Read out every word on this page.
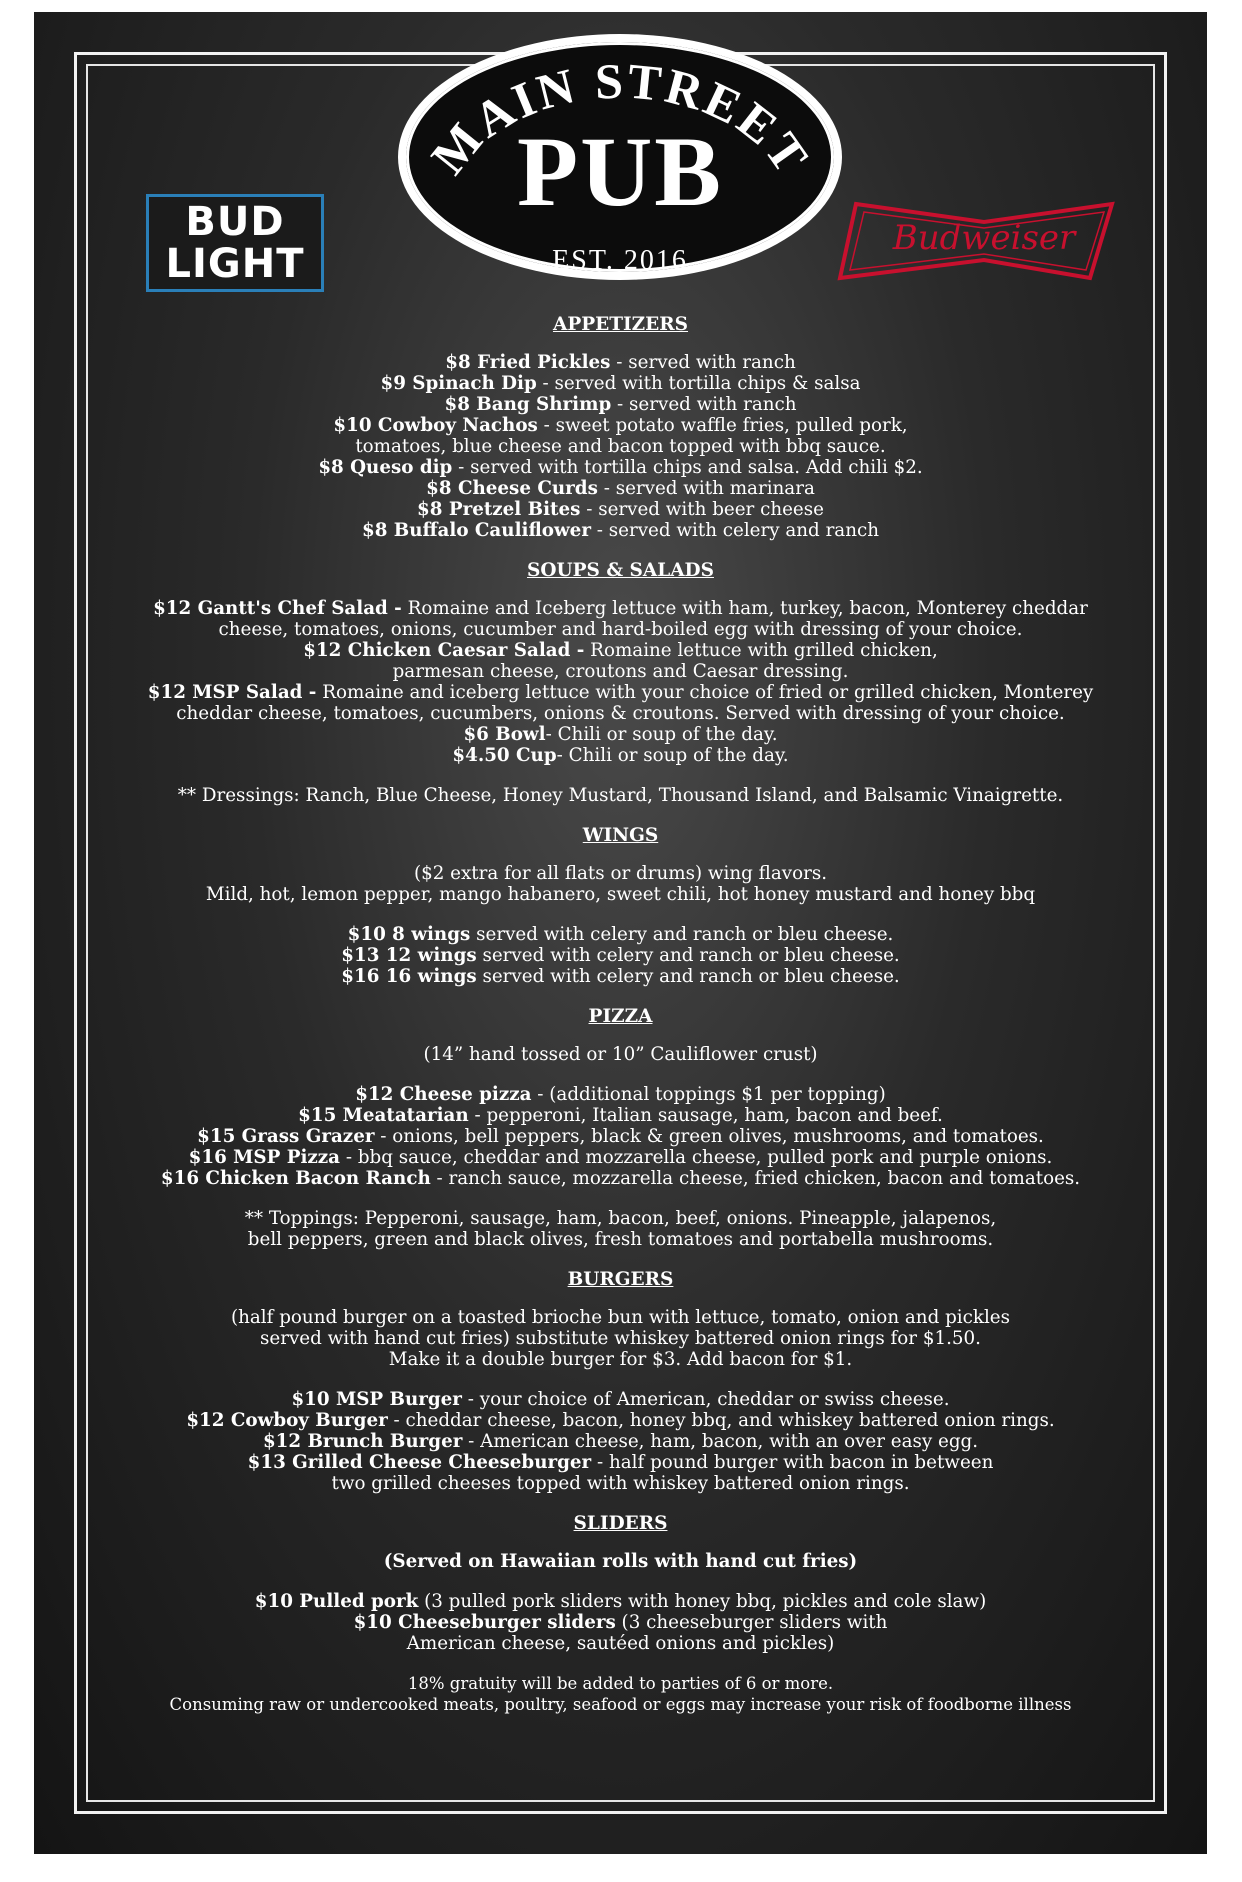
MAIN STREET
PUB
EST. 2016
BUD
LIGHT
Budweiser
APPETIZERS
$8 Fried Pickles - served with ranch
$9 Spinach Dip - served with tortilla chips & salsa
$8 Bang Shrimp - served with ranch
$10 Cowboy Nachos - sweet potato waffle fries, pulled pork,
tomatoes, blue cheese and bacon topped with bbq sauce.
$8 Queso dip - served with tortilla chips and salsa. Add chili $2.
$8 Cheese Curds - served with marinara
$8 Pretzel Bites - served with beer cheese
$8 Buffalo Cauliflower - served with celery and ranch
SOUPS & SALADS
$12 Gantt's Chef Salad - Romaine and Iceberg lettuce with ham, turkey, bacon, Monterey cheddar
cheese, tomatoes, onions, cucumber and hard-boiled egg with dressing of your choice.
$12 Chicken Caesar Salad - Romaine lettuce with grilled chicken,
parmesan cheese, croutons and Caesar dressing.
$12 MSP Salad - Romaine and iceberg lettuce with your choice of fried or grilled chicken, Monterey
cheddar cheese, tomatoes, cucumbers, onions & croutons. Served with dressing of your choice.
$6 Bowl- Chili or soup of the day.
$4.50 Cup- Chili or soup of the day.
** Dressings: Ranch, Blue Cheese, Honey Mustard, Thousand Island, and Balsamic Vinaigrette.
WINGS
($2 extra for all flats or drums) wing flavors.
Mild, hot, lemon pepper, mango habanero, sweet chili, hot honey mustard and honey bbq
$10 8 wings served with celery and ranch or bleu cheese.
$13 12 wings served with celery and ranch or bleu cheese.
$16 16 wings served with celery and ranch or bleu cheese.
PIZZA
(14” hand tossed or 10” Cauliflower crust)
$12 Cheese pizza - (additional toppings $1 per topping)
$15 Meatatarian - pepperoni, Italian sausage, ham, bacon and beef.
$15 Grass Grazer - onions, bell peppers, black & green olives, mushrooms, and tomatoes.
$16 MSP Pizza - bbq sauce, cheddar and mozzarella cheese, pulled pork and purple onions.
$16 Chicken Bacon Ranch - ranch sauce, mozzarella cheese, fried chicken, bacon and tomatoes.
** Toppings: Pepperoni, sausage, ham, bacon, beef, onions. Pineapple, jalapenos,
bell peppers, green and black olives, fresh tomatoes and portabella mushrooms.
BURGERS
(half pound burger on a toasted brioche bun with lettuce, tomato, onion and pickles
served with hand cut fries) substitute whiskey battered onion rings for $1.50.
Make it a double burger for $3. Add bacon for $1.
$10 MSP Burger - your choice of American, cheddar or swiss cheese.
$12 Cowboy Burger - cheddar cheese, bacon, honey bbq, and whiskey battered onion rings.
$12 Brunch Burger - American cheese, ham, bacon, with an over easy egg.
$13 Grilled Cheese Cheeseburger - half pound burger with bacon in between
two grilled cheeses topped with whiskey battered onion rings.
SLIDERS
(Served on Hawaiian rolls with hand cut fries)
$10 Pulled pork (3 pulled pork sliders with honey bbq, pickles and cole slaw)
$10 Cheeseburger sliders (3 cheeseburger sliders with
American cheese, sautéed onions and pickles)
18% gratuity will be added to parties of 6 or more.
Consuming raw or undercooked meats, poultry, seafood or eggs may increase your risk of foodborne illness
